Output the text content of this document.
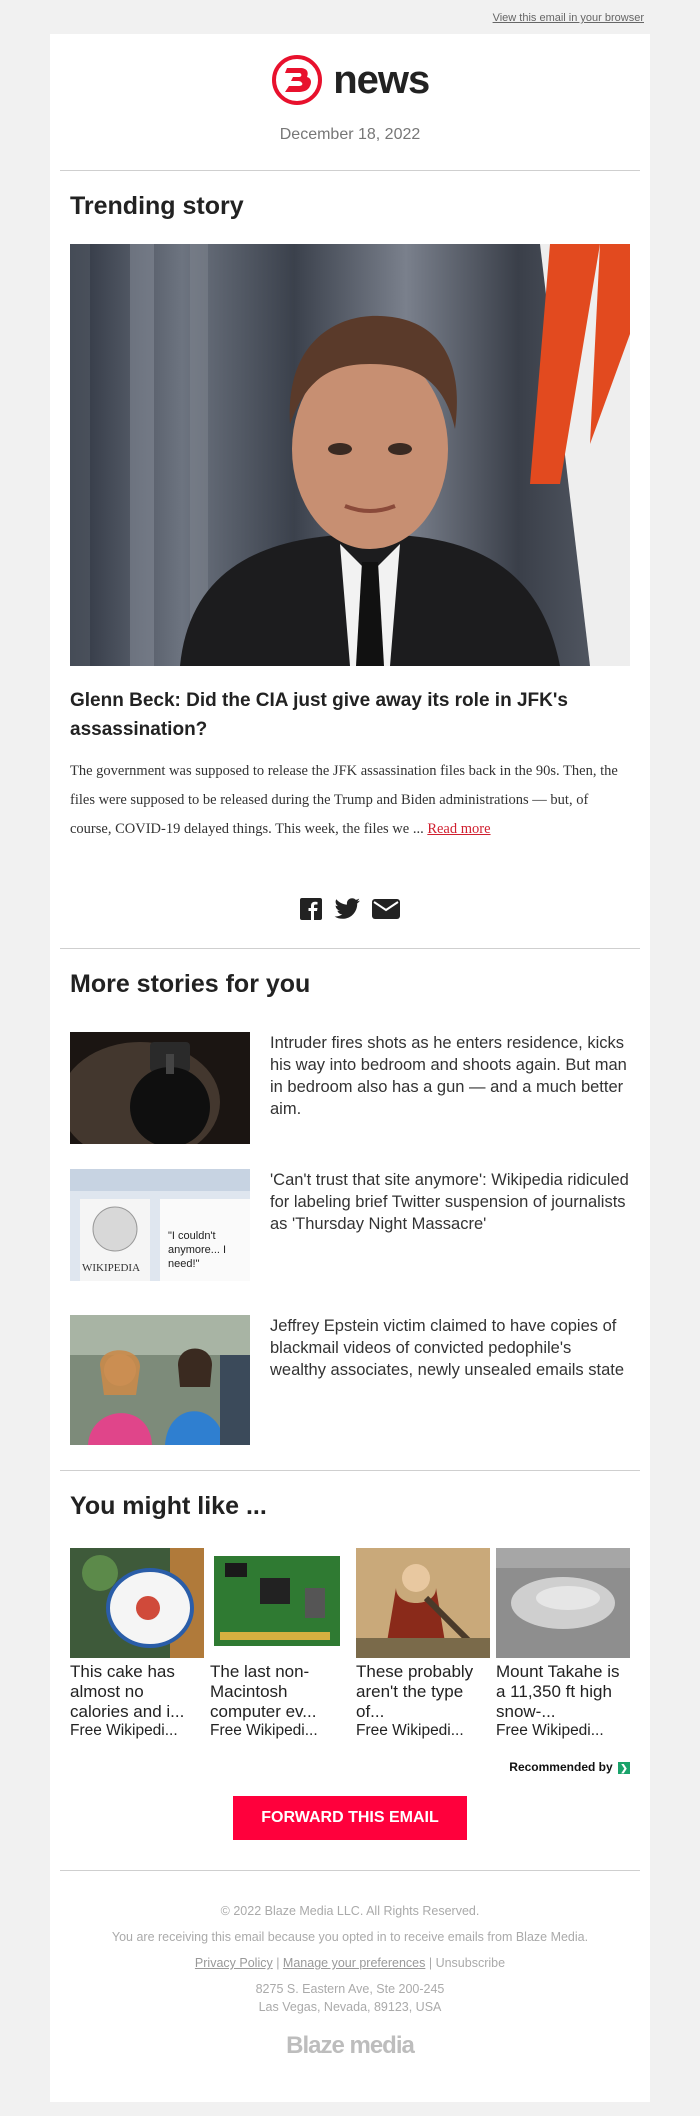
View this email in your browser
news
December 18, 2022
Trending story
Glenn Beck: Did the CIA just give away its role in JFK's assassination?
The government was supposed to release the JFK assassination files back in the 90s. Then, the files were supposed to be released during the Trump and Biden administrations — but, of course, COVID-19 delayed things. This week, the files we ... Read more

More stories for you
Intruder fires shots as he enters residence, kicks his way into bedroom and shoots again. But man in bedroom also has a gun — and a much better aim.
WIKIPEDIA
"I couldn't
anymore... I
need!"
'Can't trust that site anymore': Wikipedia ridiculed for labeling brief Twitter suspension of journalists as 'Thursday Night Massacre'
Jeffrey Epstein victim claimed to have copies of blackmail videos of convicted pedophile's wealthy associates, newly unsealed emails state
You might like ...
This cake has almost no calories and i...
Free Wikipedi...
The last non-Macintosh computer ev...
Free Wikipedi...
These probably aren't the type of...
Free Wikipedi...
Mount Takahe is a 11,350 ft high snow-...
Free Wikipedi...
Recommended by ❯
FORWARD THIS EMAIL
© 2022 Blaze Media LLC. All Rights Reserved.
You are receiving this email because you opted in to receive emails from Blaze Media.
Privacy Policy | Manage your preferences | Unsubscribe
8275 S. Eastern Ave, Ste 200-245
Las Vegas, Nevada, 89123, USA
Blaze media
